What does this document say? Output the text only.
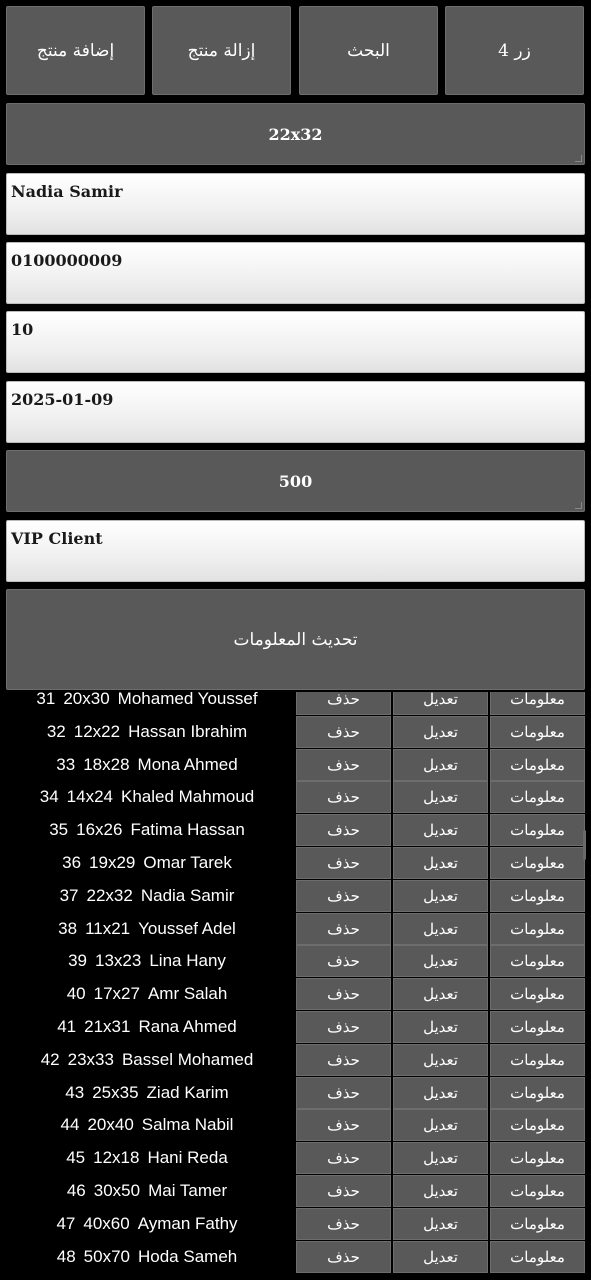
إضافة منتج	إزالة منتج	البحث	زر 4
22x32
Nadia Samir
0100000009
10
2025-01-09
500
VIP Client
تحديث المعلومات
48 50x70 Hoda Sameh	حذف	تعديل	معلومات
47 40x60 Ayman Fathy	حذف	تعديل	معلومات
46 30x50 Mai Tamer	حذف	تعديل	معلومات
45 12x18 Hani Reda	حذف	تعديل	معلومات
44 20x40 Salma Nabil	حذف	تعديل	معلومات
43 25x35 Ziad Karim	حذف	تعديل	معلومات
42 23x33 Bassel Mohamed	حذف	تعديل	معلومات
41 21x31 Rana Ahmed	حذف	تعديل	معلومات
40 17x27 Amr Salah	حذف	تعديل	معلومات
39 13x23 Lina Hany	حذف	تعديل	معلومات
38 11x21 Youssef Adel	حذف	تعديل	معلومات
37 22x32 Nadia Samir	حذف	تعديل	معلومات
36 19x29 Omar Tarek	حذف	تعديل	معلومات
35 16x26 Fatima Hassan	حذف	تعديل	معلومات
34 14x24 Khaled Mahmoud	حذف	تعديل	معلومات
33 18x28 Mona Ahmed	حذف	تعديل	معلومات
32 12x22 Hassan Ibrahim	حذف	تعديل	معلومات
31 20x30 Mohamed Youssef	حذف	تعديل	معلومات
